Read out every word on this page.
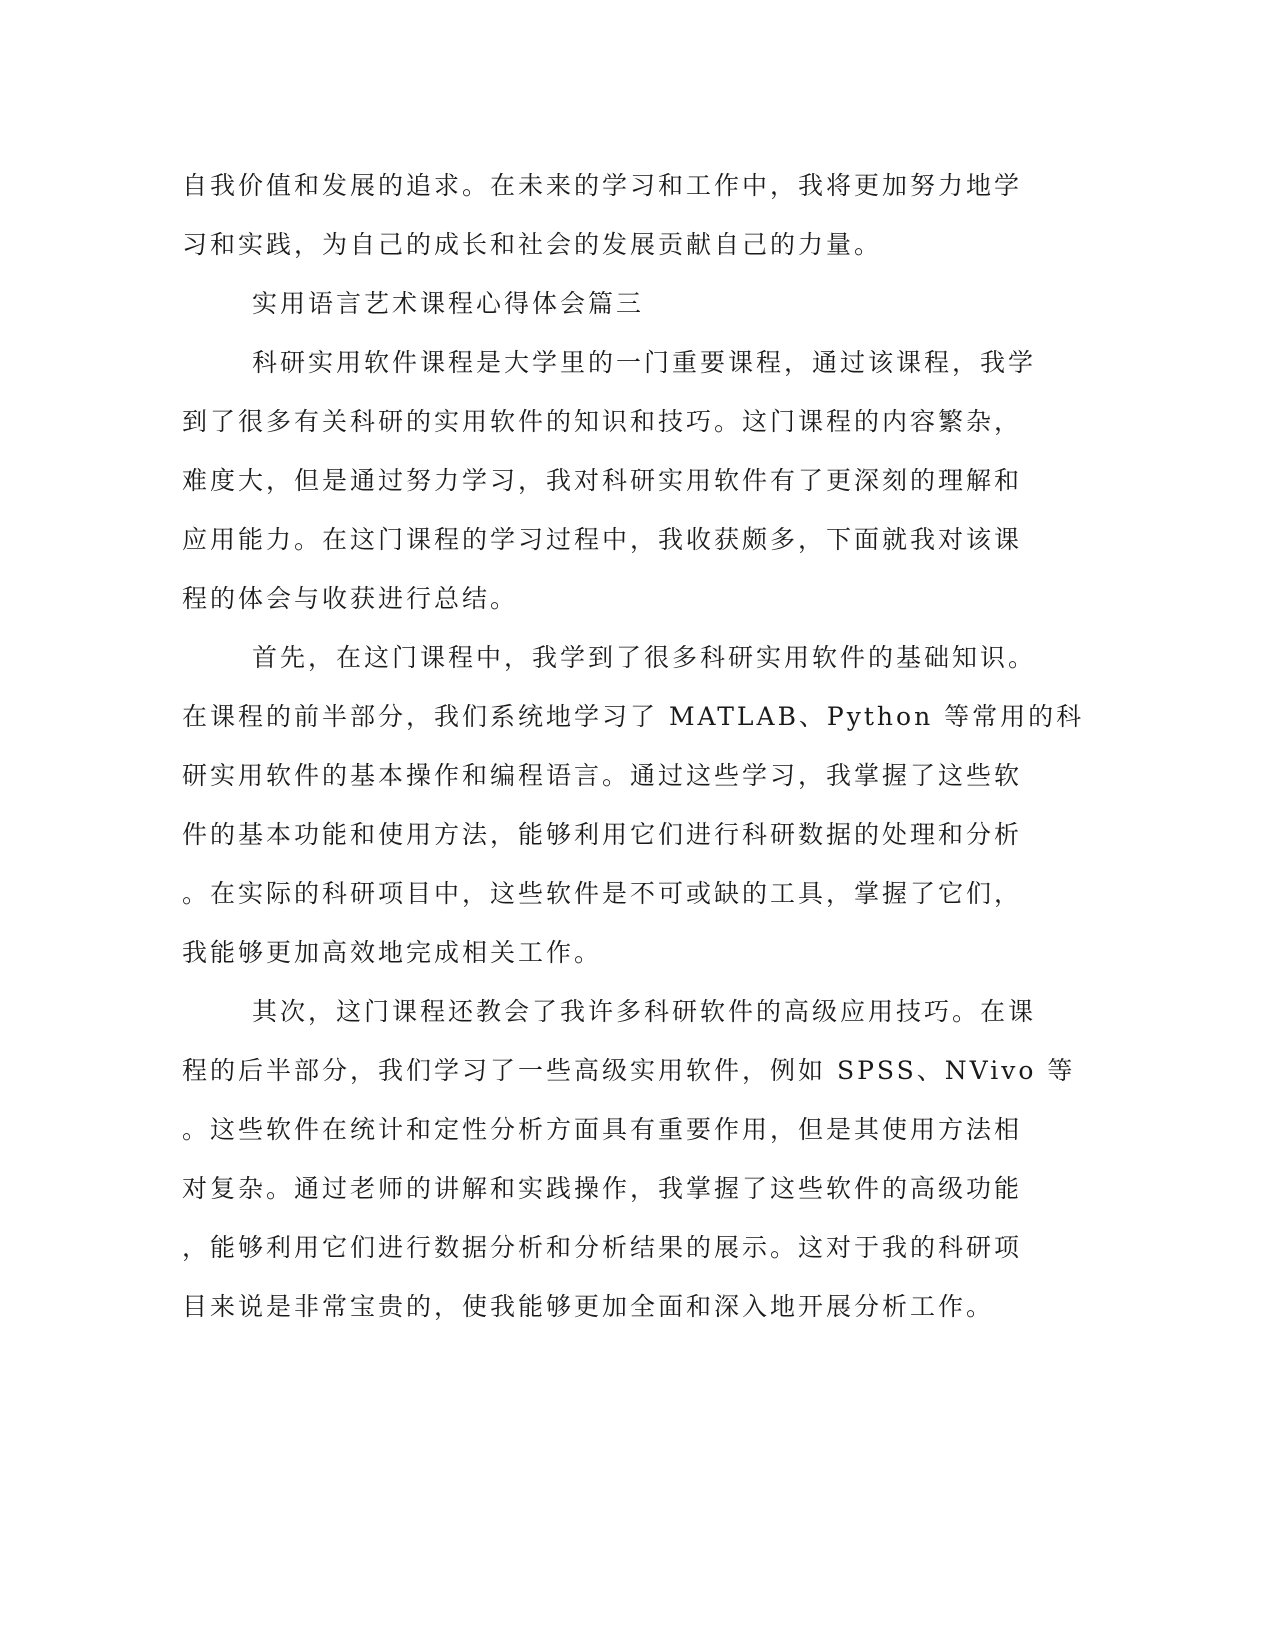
自我价值和发展的追求。在未来的学习和工作中，我将更加努力地学
习和实践，为自己的成长和社会的发展贡献自己的力量。
实用语言艺术课程心得体会篇三
科研实用软件课程是大学里的一门重要课程，通过该课程，我学
到了很多有关科研的实用软件的知识和技巧。这门课程的内容繁杂，
难度大，但是通过努力学习，我对科研实用软件有了更深刻的理解和
应用能力。在这门课程的学习过程中，我收获颇多，下面就我对该课
程的体会与收获进行总结。
首先，在这门课程中，我学到了很多科研实用软件的基础知识。
在课程的前半部分，我们系统地学习了 MATLAB、Python 等常用的科
研实用软件的基本操作和编程语言。通过这些学习，我掌握了这些软
件的基本功能和使用方法，能够利用它们进行科研数据的处理和分析
。在实际的科研项目中，这些软件是不可或缺的工具，掌握了它们，
我能够更加高效地完成相关工作。
其次，这门课程还教会了我许多科研软件的高级应用技巧。在课
程的后半部分，我们学习了一些高级实用软件，例如 SPSS、NVivo 等
。这些软件在统计和定性分析方面具有重要作用，但是其使用方法相
对复杂。通过老师的讲解和实践操作，我掌握了这些软件的高级功能
，能够利用它们进行数据分析和分析结果的展示。这对于我的科研项
目来说是非常宝贵的，使我能够更加全面和深入地开展分析工作。
